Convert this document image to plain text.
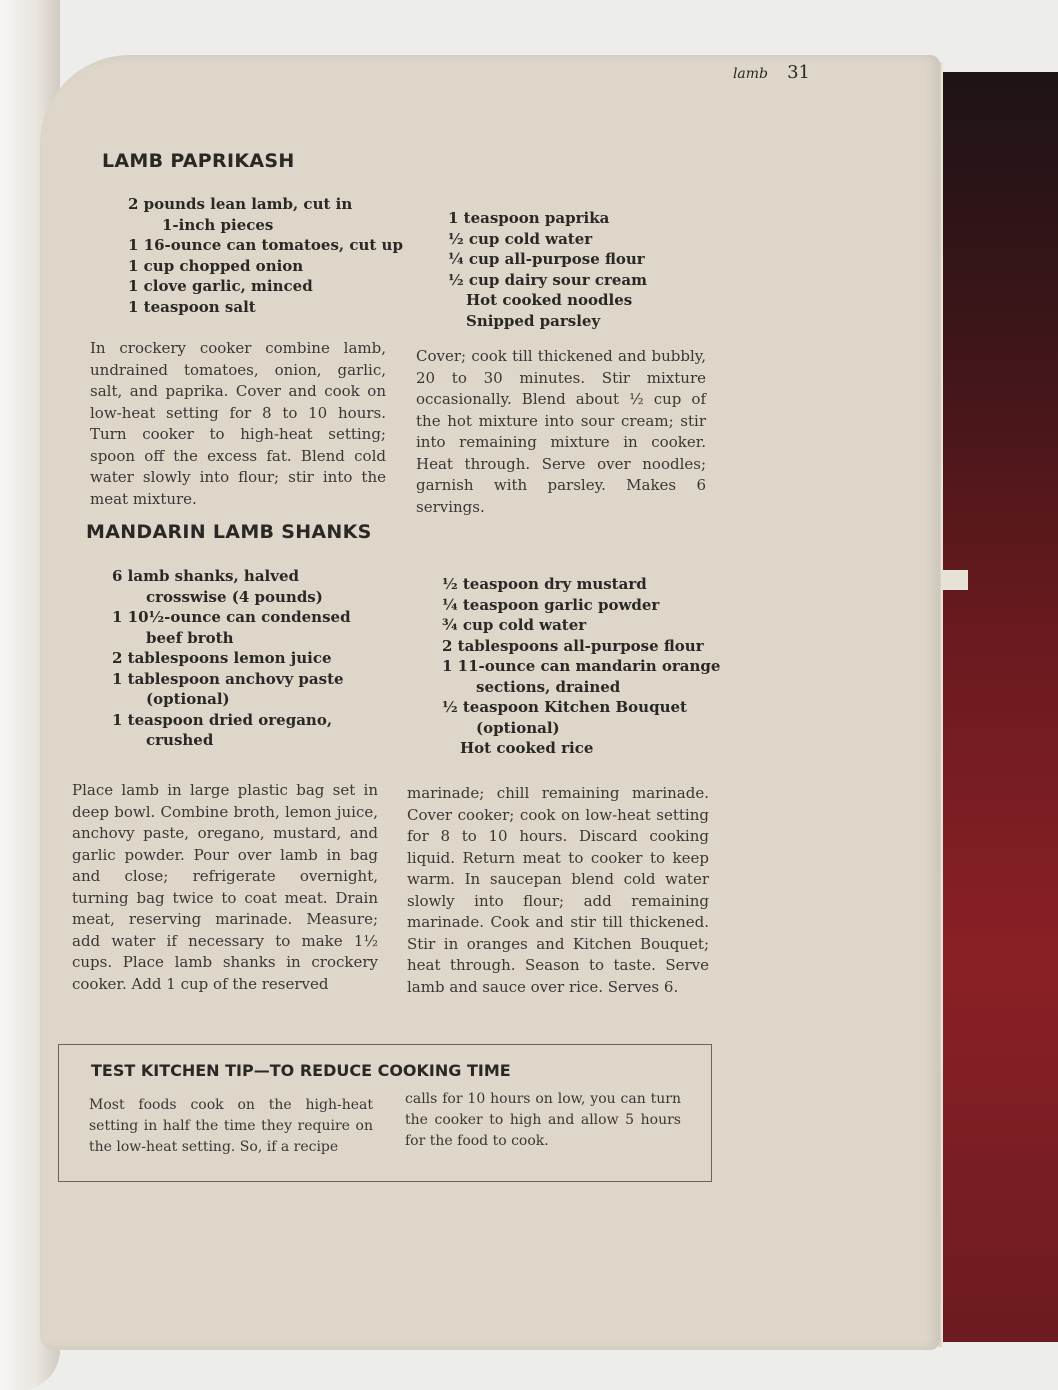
lamb 31
LAMB PAPRIKASH
2 pounds lean lamb, cut in
1-inch pieces
1 16-ounce can tomatoes, cut up
1 cup chopped onion
1 clove garlic, minced
1 teaspoon salt
1 teaspoon paprika
½ cup cold water
¼ cup all-purpose flour
½ cup dairy sour cream
Hot cooked noodles
Snipped parsley

In crockery cooker combine lamb, undrained tomatoes, onion, garlic, salt, and paprika. Cover and cook on low-heat setting for 8 to 10 hours. Turn cooker to high-heat setting; spoon off the excess fat. Blend cold water slowly into flour; stir into the meat mixture.

Cover; cook till thickened and bubbly, 20 to 30 minutes. Stir mixture occasionally. Blend about ½ cup of the hot mixture into sour cream; stir into remaining mixture in cooker. Heat through. Serve over noodles; garnish with parsley. Makes 6 servings.

MANDARIN LAMB SHANKS
6 lamb shanks, halved
crosswise (4 pounds)
1 10½-ounce can condensed
beef broth
2 tablespoons lemon juice
1 tablespoon anchovy paste
(optional)
1 teaspoon dried oregano,
crushed
½ teaspoon dry mustard
¼ teaspoon garlic powder
¾ cup cold water
2 tablespoons all-purpose flour
1 11-ounce can mandarin orange
sections, drained
½ teaspoon Kitchen Bouquet
(optional)
Hot cooked rice

Place lamb in large plastic bag set in deep bowl. Combine broth, lemon juice, anchovy paste, oregano, mustard, and garlic powder. Pour over lamb in bag and close; refrigerate overnight, turning bag twice to coat meat. Drain meat, reserving marinade. Measure; add water if necessary to make 1½ cups. Place lamb shanks in crockery cooker. Add 1 cup of the reserved

marinade; chill remaining marinade. Cover cooker; cook on low-heat setting for 8 to 10 hours. Discard cooking liquid. Return meat to cooker to keep warm. In saucepan blend cold water slowly into flour; add remaining marinade. Cook and stir till thickened. Stir in oranges and Kitchen Bouquet; heat through. Season to taste. Serve lamb and sauce over rice. Serves 6.

TEST KITCHEN TIP—TO REDUCE COOKING TIME

Most foods cook on the high-heat setting in half the time they require on the low-heat setting. So, if a recipe

calls for 10 hours on low, you can turn the cooker to high and allow 5 hours for the food to cook.
